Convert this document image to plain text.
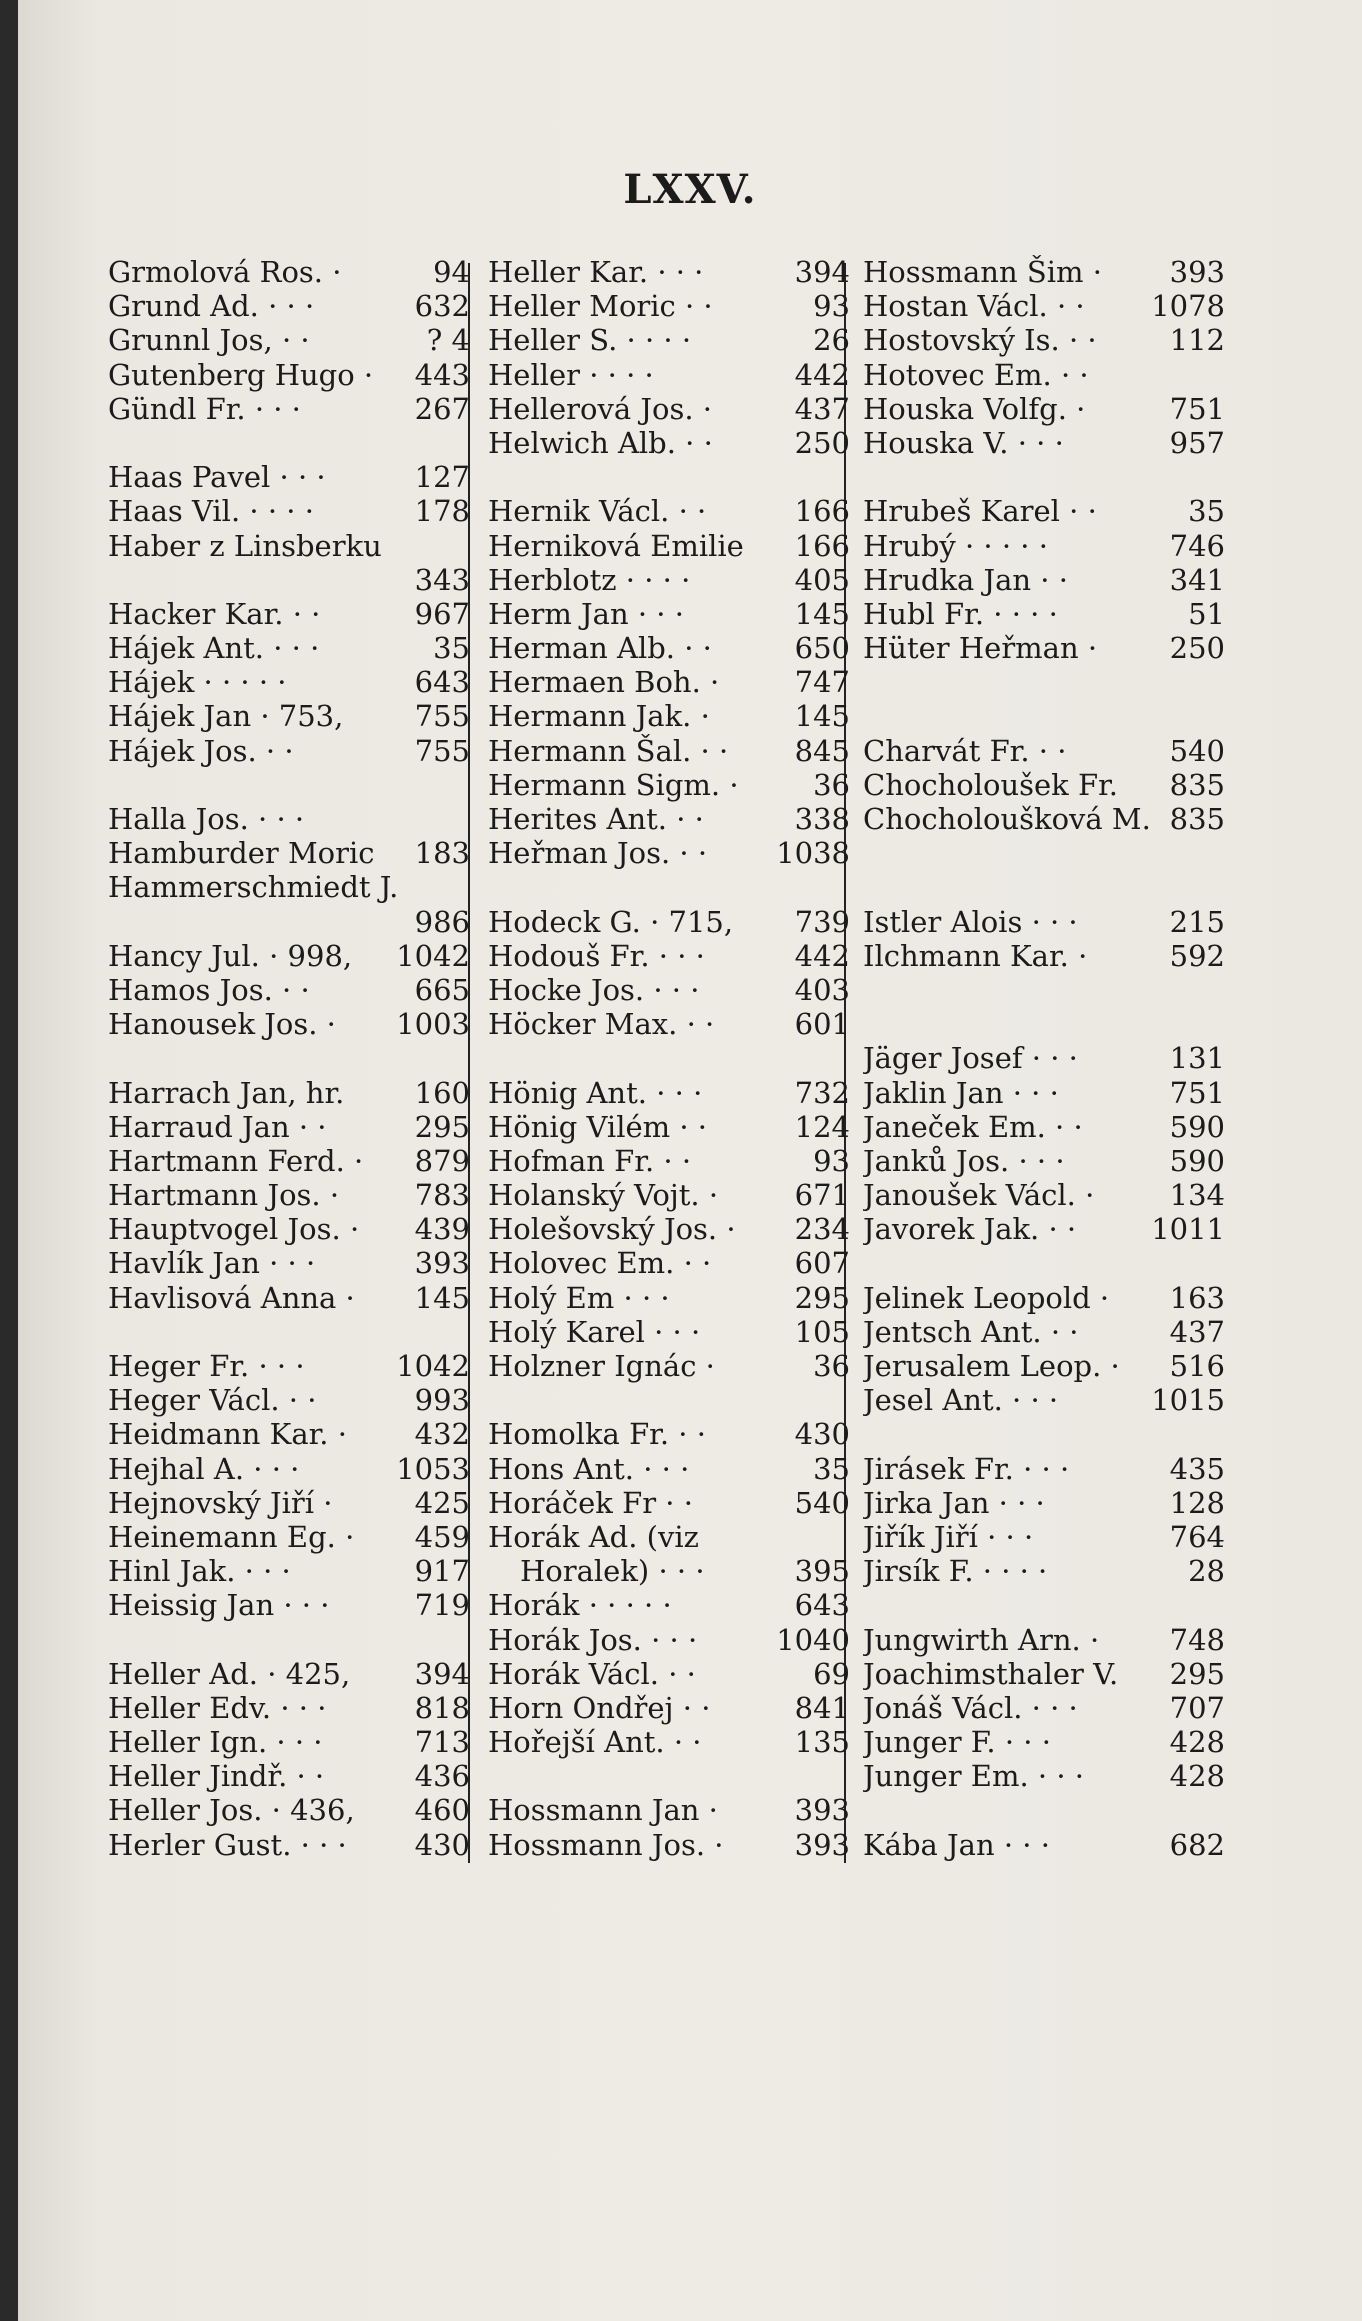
LXXV.
Grmolová Ros. ·	94
Grund Ad. · · ·	632
Grunnl Jos, · ·	? 4
Gutenberg Hugo · 443
Gündl Fr. · · ·	267
Haas Pavel · · ·	127
Haas Vil. · · · ·	178
Haber z Linsberku
343
Hacker Kar. · ·	967
Hájek Ant. · · ·	35
Hájek · · · · ·	643
Hájek Jan · 753, 755
Hájek Jos. · ·	755
Halla Jos. · · ·
Hamburder Moric 183
Hammerschmiedt J.
986
Hancy Jul. · 998, 1042
Hamos Jos. · ·	665
Hanousek Jos. · 1003
Harrach Jan, hr. 160
Harraud Jan · ·	295
Hartmann Ferd. · 879
Hartmann Jos. ·	783
Hauptvogel Jos. · 439
Havlík Jan · · ·	393
Havlisová Anna · 145
Heger Fr. · · ·	1042
Heger Václ. · ·	993
Heidmann Kar. · 432
Hejhal A. · · ·	1053
Hejnovský Jiří ·	425
Heinemann Eg. · 459
Hinl Jak. · · ·	917
Heissig Jan · · ·	719
Heller Ad. · 425, 394
Heller Edv. · · ·	818
Heller Ign. · · ·	713
Heller Jindř. · ·	436
Heller Jos. · 436, 460
Herler Gust. · · · 430
Heller Kar. · · ·	394
Heller Moric · ·	93
Heller S. · · · ·	26
Heller · · · ·	442
Hellerová Jos. ·	437
Helwich Alb. · ·	250
Hernik Václ. · ·	166
Herniková Emilie 166
Herblotz · · · ·	405
Herm Jan · · ·	145
Herman Alb. · ·	650
Hermaen Boh. ·	747
Hermann Jak. ·	145
Hermann Šal. · · 845
Hermann Sigm. ·	36
Herites Ant. · ·	338
Heřman Jos. · · 1038
Hodeck G. · 715, 739
Hodouš Fr. · · ·	442
Hocke Jos. · · ·	403
Höcker Max. · ·	601
Hönig Ant. · · ·	732
Hönig Vilém · ·	124
Hofman Fr. · ·	93
Holanský Vojt. ·	671
Holešovský Jos. · 234
Holovec Em. · ·	607
Holý Em · · ·	295
Holý Karel · · ·	105
Holzner Ignác ·	36
Homolka Fr. · ·	430
Hons Ant. · · ·	35
Horáček Fr · ·	540
Horák Ad. (viz
Horalek) · · ·	395
Horák · · · · ·	643
Horák Jos. · · ·	1040
Horák Václ. · ·	69
Horn Ondřej · ·	841
Hořejší Ant. · ·	135
Hossmann Jan ·	393
Hossmann Jos. · 393
Hossmann Šim · 393
Hostan Václ. · · 1078
Hostovský Is. · ·	112
Hotovec Em. · ·
Houska Volfg. ·	751
Houska V. · · ·	957
Hrubeš Karel · ·	35
Hrubý · · · · ·	746
Hrudka Jan · ·	341
Hubl Fr. · · · ·	51
Hüter Heřman ·	250
Charvát Fr. · ·	540
Chocholoušek Fr. 835
Chocholoušková M. 835
Istler Alois · · ·	215
Ilchmann Kar. ·	592
Jäger Josef · · ·	131
Jaklin Jan · · ·	751
Janeček Em. · ·	590
Janků Jos. · · ·	590
Janoušek Václ. ·	134
Javorek Jak. · ·	1011
Jelinek Leopold · 163
Jentsch Ant. · ·	437
Jerusalem Leop. · 516
Jesel Ant. · · ·	1015
Jirásek Fr. · · ·	435
Jirka Jan · · ·	128
Jiřík Jiří · · ·	764
Jirsík F. · · · ·	28
Jungwirth Arn. · 748
Joachimsthaler V. 295
Jonáš Václ. · · ·	707
Junger F. · · ·	428
Junger Em. · · ·	428
Kába Jan · · ·	682
